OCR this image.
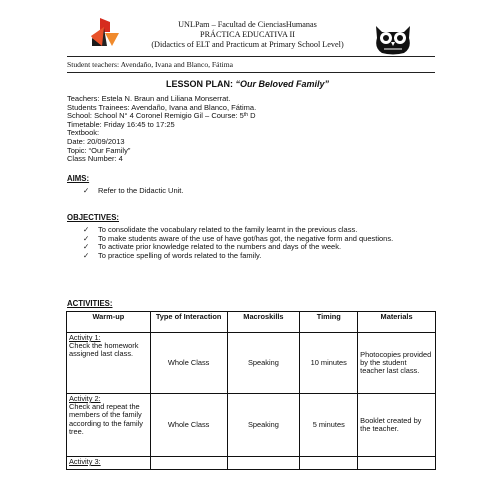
UNLPam – Facultad de CienciasHumanas
PRÁCTICA EDUCATIVA II
(Didactics of ELT and Practicum at Primary School Level)
Student teachers: Avendaño, Ivana and Blanco, Fátima
LESSON PLAN: “Our Beloved Family”
Teachers: Estela N. Braun and Liliana Monserrat.
Students Trainees: Avendaño, Ivana and Blanco, Fátima.
School: School N° 4 Coronel Remigio Gil – Course: 5th D
Timetable: Friday 16:45 to 17:25
Textbook:
Date: 20/09/2013
Topic: “Our Family”
Class Number: 4
AIMS:
✓ Refer to the Didactic Unit.
OBJECTIVES:
✓ To consolidate the vocabulary related to the family learnt in the previous class.
✓ To make students aware of the use of have got/has got, the negative form and questions.
✓ To activate prior knowledge related to the numbers and days of the week.
✓ To practice spelling of words related to the family.
ACTIVITIES:
Warm-up	Type of Interaction	Macroskills	Timing	Materials
Activity 1:
Check the homework assigned last class.	Whole Class	Speaking	10 minutes	Photocopies provided by the student teacher last class.
Activity 2:
Check and repeat the members of the family according to the family tree.	Whole Class	Speaking	5 minutes	Booklet created by the teacher.
Activity 3:				
